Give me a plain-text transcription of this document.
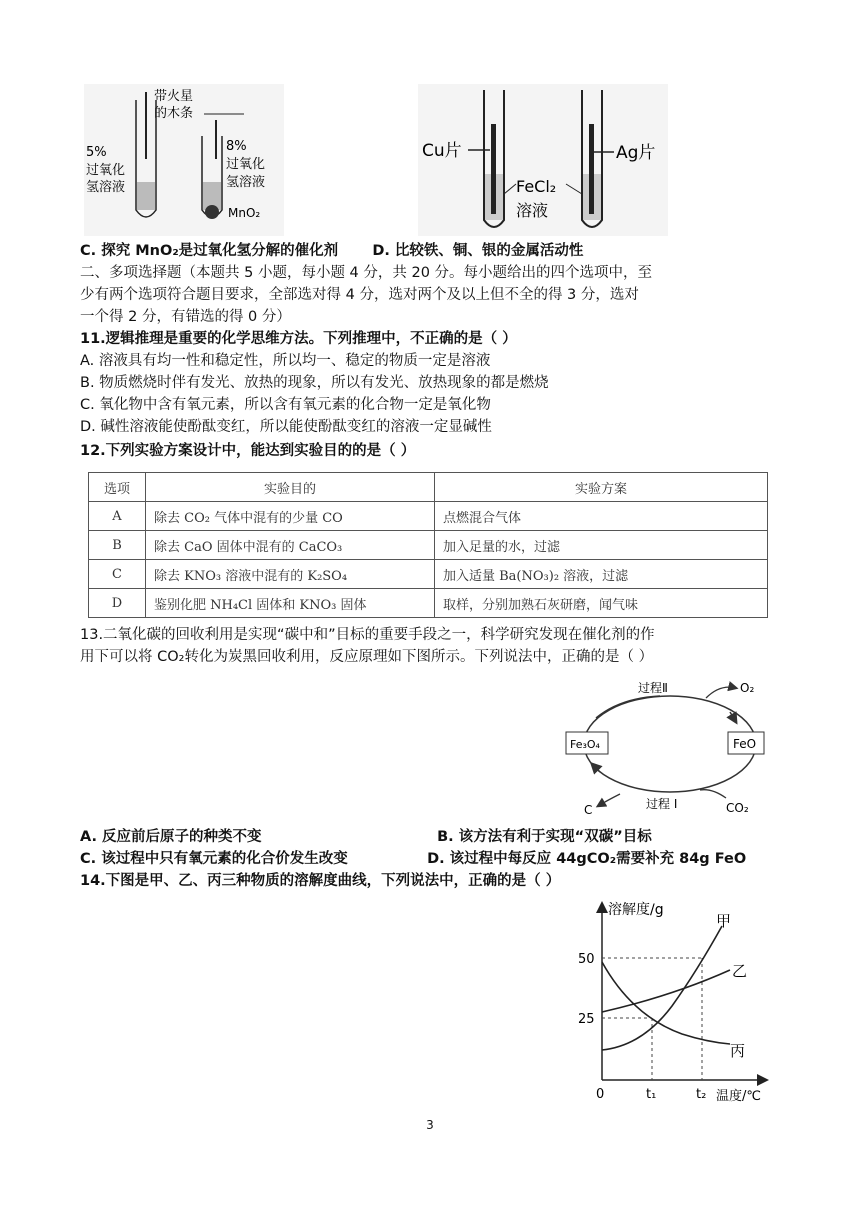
带火星
的木条
5%
过氧化
氢溶液
8%
过氧化
氢溶液
MnO₂
Cu片	Ag片
FeCl₂
溶液
C. 探究 MnO₂是过氧化氢分解的催化剂 D. 比较铁、铜、银的金属活动性
二、多项选择题（本题共 5 小题，每小题 4 分，共 20 分。每小题给出的四个选项中，至
少有两个选项符合题目要求，全部选对得 4 分，选对两个及以上但不全的得 3 分，选对
一个得 2 分，有错选的得 0 分）
11.逻辑推理是重要的化学思维方法。下列推理中，不正确的是（ ）
A. 溶液具有均一性和稳定性，所以均一、稳定的物质一定是溶液
B. 物质燃烧时伴有发光、放热的现象，所以有发光、放热现象的都是燃烧
C. 氧化物中含有氧元素，所以含有氧元素的化合物一定是氧化物
D. 碱性溶液能使酚酞变红，所以能使酚酞变红的溶液一定显碱性
12.下列实验方案设计中，能达到实验目的的是（ ）
选项	实验目的	实验方案
A	除去 CO₂ 气体中混有的少量 CO	点燃混合气体
B	除去 CaO 固体中混有的 CaCO₃	加入足量的水，过滤
C	除去 KNO₃ 溶液中混有的 K₂SO₄	加入适量 Ba(NO₃)₂ 溶液，过滤
D	鉴别化肥 NH₄Cl 固体和 KNO₃ 固体	取样，分别加熟石灰研磨，闻气味
13.二氧化碳的回收利用是实现“碳中和”目标的重要手段之一，科学研究发现在催化剂的作
用下可以将 CO₂转化为炭黑回收利用，反应原理如下图所示。下列说法中，正确的是（ ）
Fe₃O₄	FeO
过程Ⅱ	O₂
过程 I
C	CO₂
A. 反应前后原子的种类不变	B. 该方法有利于实现“双碳”目标
C. 该过程中只有氧元素的化合价发生改变	D. 该过程中每反应 44gCO₂需要补充 84g FeO
14.下图是甲、乙、丙三种物质的溶解度曲线，下列说法中，正确的是（ ）
溶解度/g
温度/℃
0
50
25
t₁	t₂
甲
乙
丙
3
